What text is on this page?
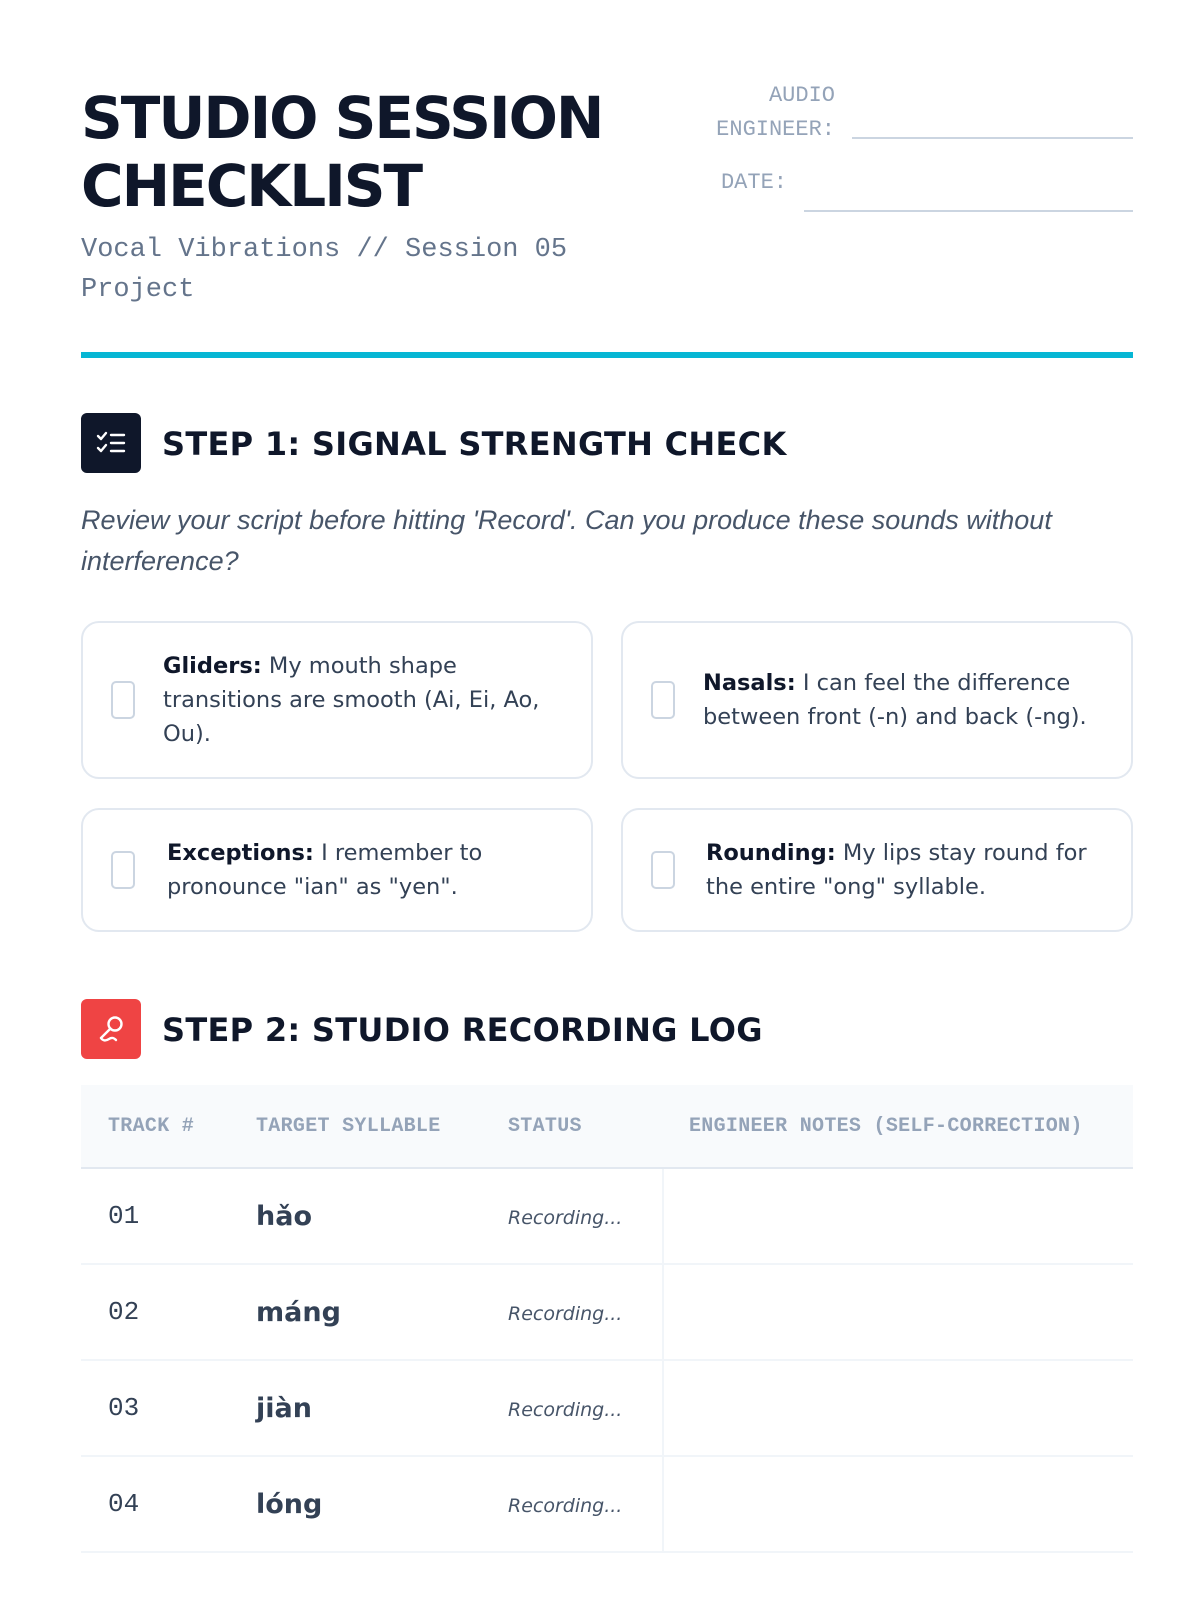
STUDIO SESSION CHECKLIST
Vocal Vibrations // Session 05 Project
AUDIO
ENGINEER:
DATE:
STEP 1: SIGNAL STRENGTH CHECK

Review your script before hitting 'Record'. Can you produce these sounds without interference?

Gliders: My mouth shape transitions are smooth (Ai, Ei, Ao, Ou).
Nasals: I can feel the difference between front (-n) and back (-ng).
Exceptions: I remember to pronounce "ian" as "yen".
Rounding: My lips stay round for the entire "ong" syllable.
STEP 2: STUDIO RECORDING LOG
TRACK #	TARGET SYLLABLE	STATUS	ENGINEER NOTES (SELF-CORRECTION)
01	hǎo	Recording...
02	máng	Recording...
03	jiàn	Recording...
04	lóng	Recording...
